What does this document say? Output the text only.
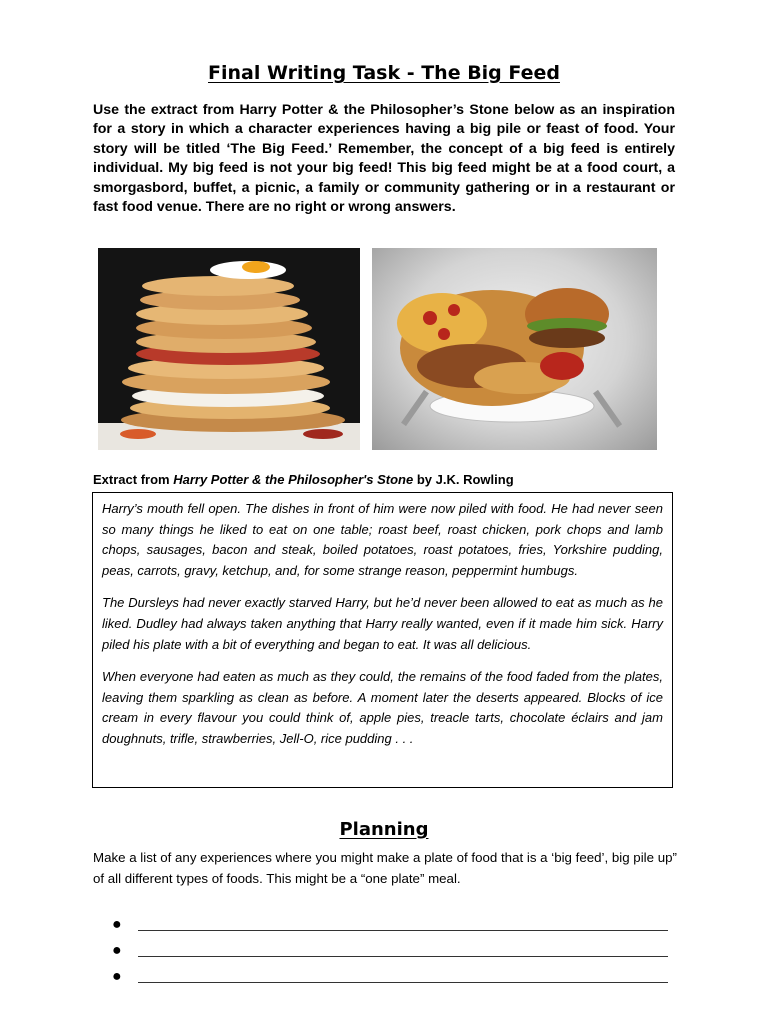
Final Writing Task - The Big Feed
Use the extract from Harry Potter & the Philosopher’s Stone below as an inspiration for a story in which a character experiences having a big pile or feast of food. Your story will be titled ‘The Big Feed.’ Remember, the concept of a big feed is entirely individual. My big feed is not your big feed! This big feed might be at a food court, a smorgasbord, buffet, a picnic, a family or community gathering or in a restaurant or fast food venue. There are no right or wrong answers.
Extract from Harry Potter & the Philosopher's Stone by J.K. Rowling

Harry’s mouth fell open. The dishes in front of him were now piled with food. He had never seen so many things he liked to eat on one table; roast beef, roast chicken, pork chops and lamb chops, sausages, bacon and steak, boiled potatoes, roast potatoes, fries, Yorkshire pudding, peas, carrots, gravy, ketchup, and, for some strange reason, peppermint humbugs.

The Dursleys had never exactly starved Harry, but he’d never been allowed to eat as much as he liked. Dudley had always taken anything that Harry really wanted, even if it made him sick. Harry piled his plate with a bit of everything and began to eat. It was all delicious.

When everyone had eaten as much as they could, the remains of the food faded from the plates, leaving them sparkling as clean as before. A moment later the deserts appeared. Blocks of ice cream in every flavour you could think of, apple pies, treacle tarts, chocolate éclairs and jam doughnuts, trifle, strawberries, Jell-O, rice pudding . . .

Planning
Make a list of any experiences where you might make a plate of food that is a ‘big feed’, big pile up” of all different types of foods. This might be a “one plate” meal.
●
●
●
